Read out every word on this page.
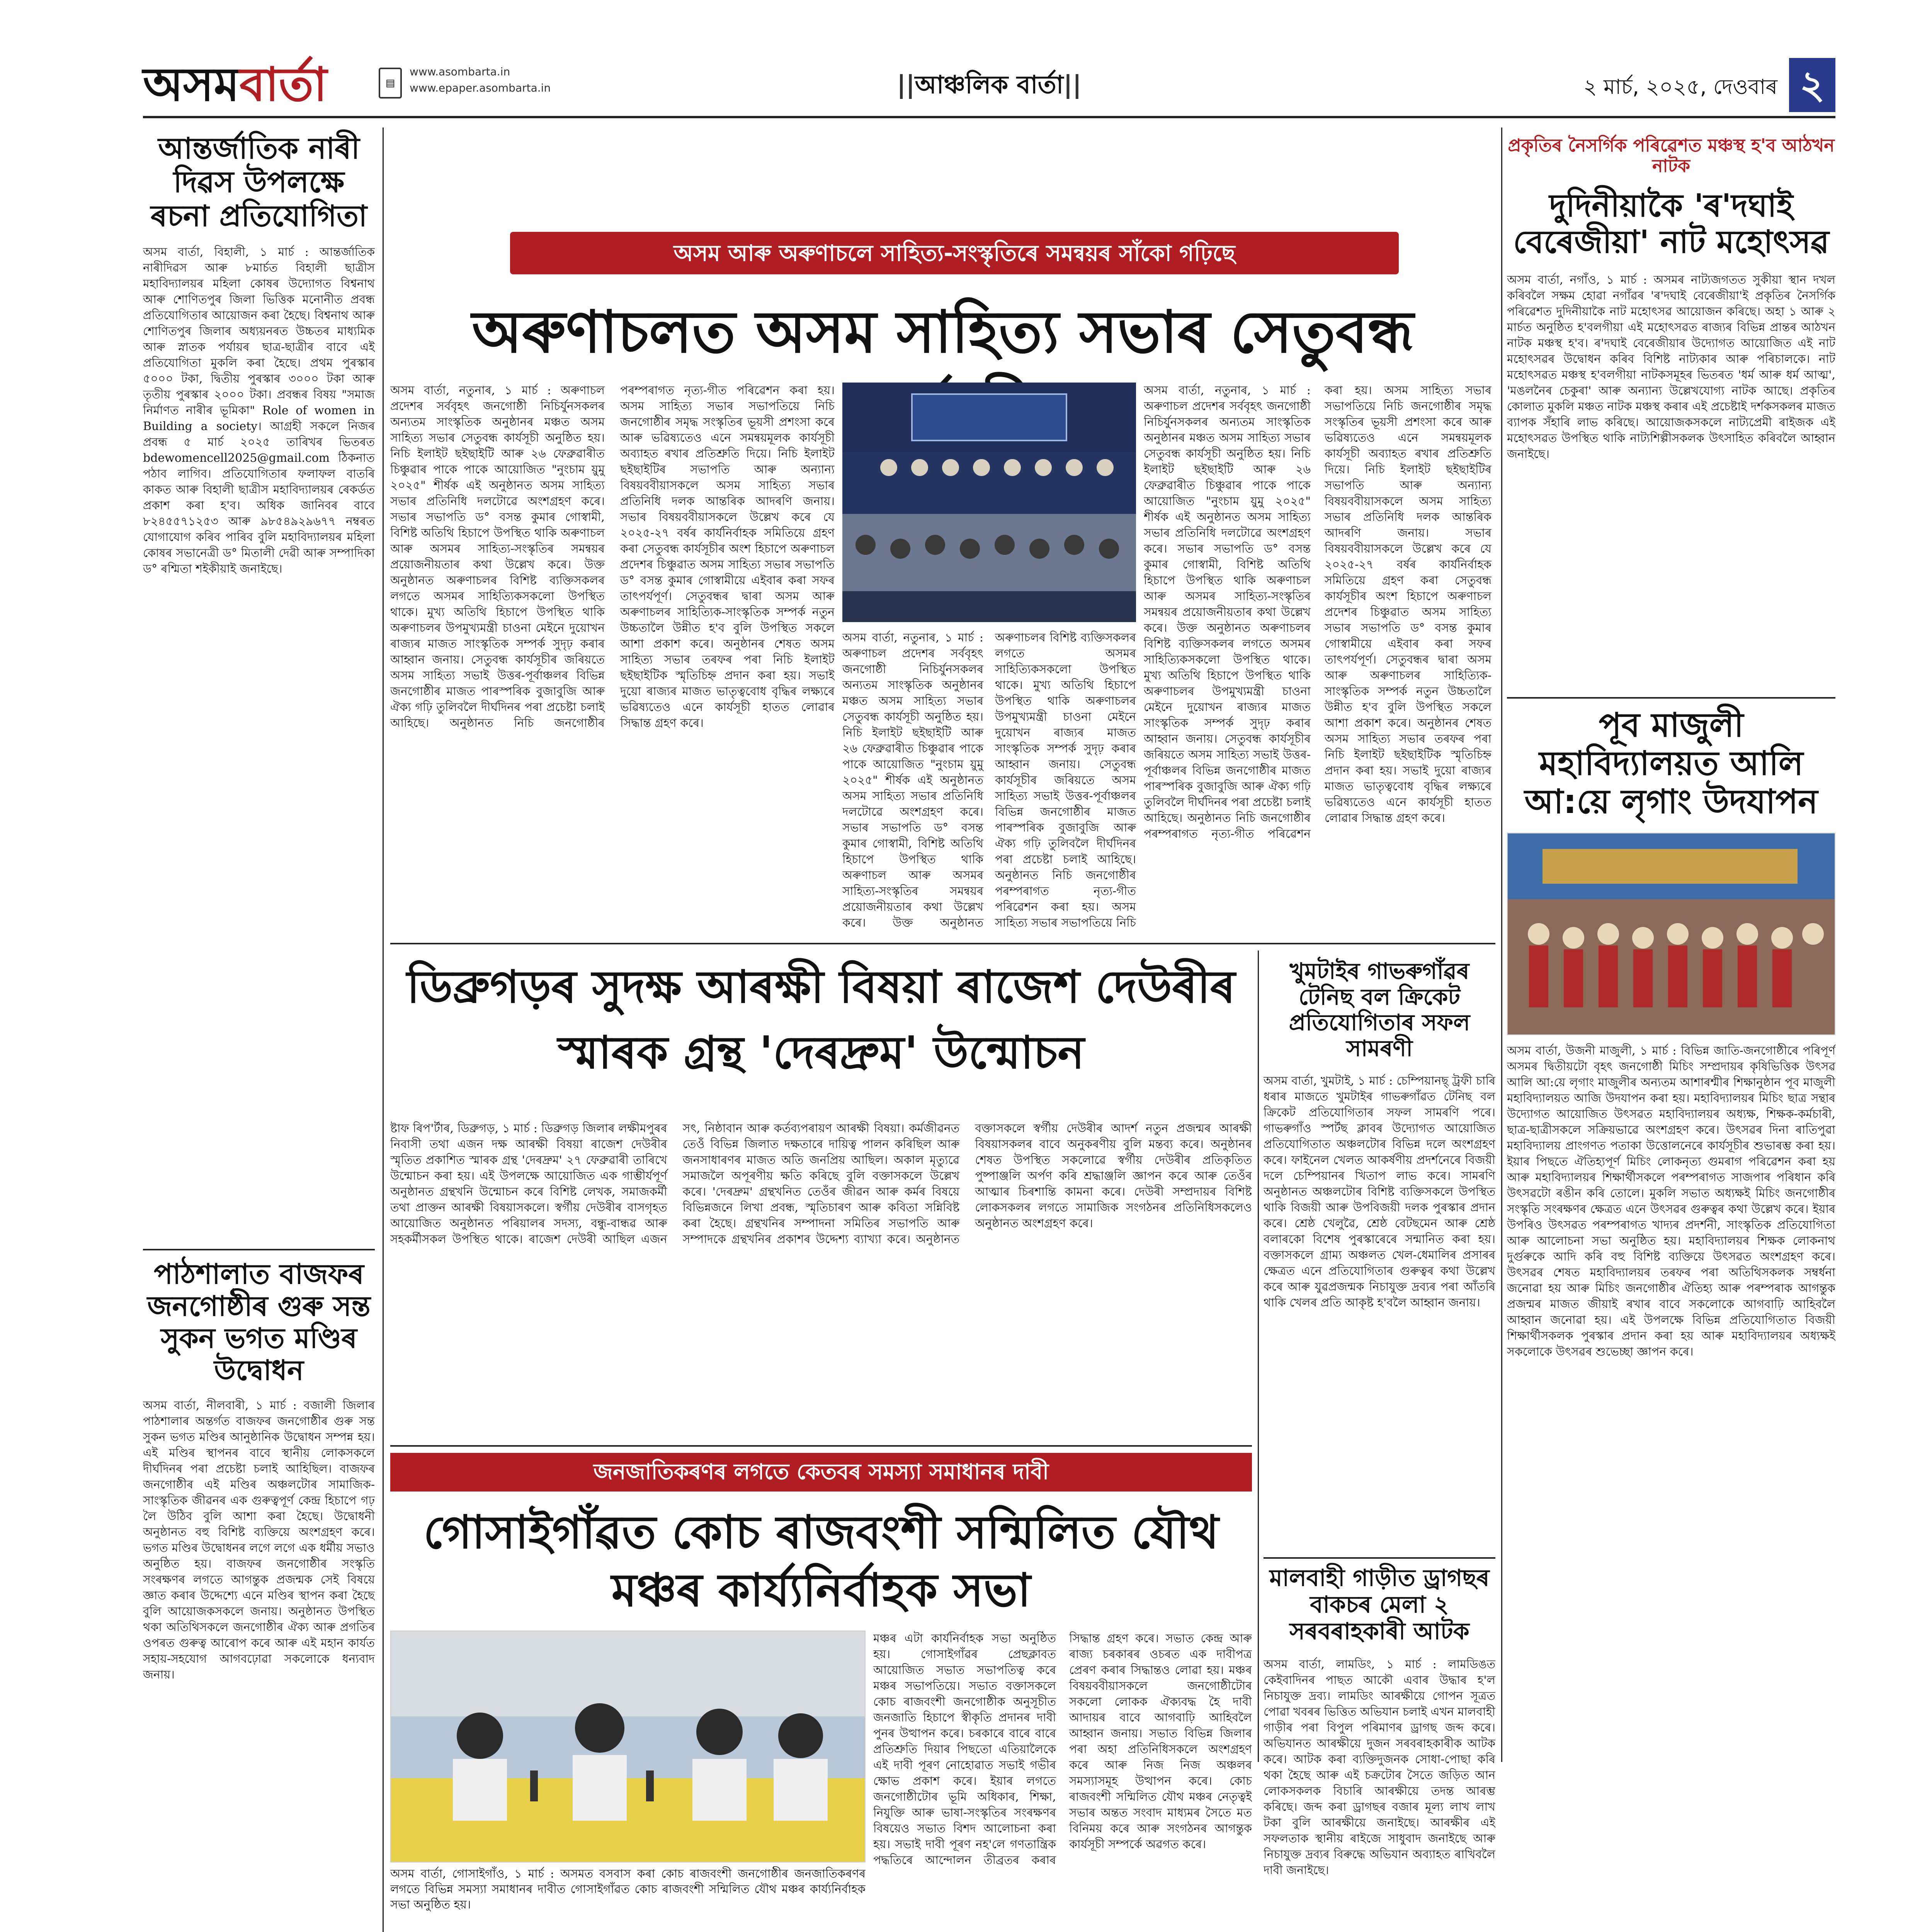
অসমবাৰ্তা	▤
www.asombarta.in
www.epaper.asombarta.in	||আঞ্চলিক বাৰ্তা||	২ মাৰ্চ, ২০২৫, দেওবাৰ ২
আন্তৰ্জাতিক নাৰী দিৱস উপলক্ষে ৰচনা প্ৰতিযোগিতা
অসম বাৰ্তা, বিহালী, ১ মাৰ্চ : আন্তৰ্জাতিক নাৰীদিৱস আৰু ৮মাৰ্চত বিহালী ছাত্ৰীস মহাবিদ্যালয়ৰ মহিলা কোষৰ উদ্যোগত বিশ্বনাথ আৰু শোণিতপুৰ জিলা ভিত্তিক মনোনীত প্ৰবন্ধ প্ৰতিযোগিতাৰ আয়োজন কৰা হৈছে। বিশ্বনাথ আৰু শোণিতপুৰ জিলাৰ অধ্যয়নৰত উচ্চতৰ মাধ্যমিক আৰু স্নাতক পৰ্যায়ৰ ছাত্ৰ-ছাত্ৰীৰ বাবে এই প্ৰতিযোগিতা মুকলি কৰা হৈছে। প্ৰথম পুৰস্কাৰ ৫০০০ টকা, দ্বিতীয় পুৰস্কাৰ ৩০০০ টকা আৰু তৃতীয় পুৰস্কাৰ ২০০০ টকা। প্ৰবন্ধৰ বিষয় "সমাজ নিৰ্মাণত নাৰীৰ ভূমিকা" Role of women in Building a society। আগ্ৰহী সকলে নিজৰ প্ৰবন্ধ ৫ মাৰ্চ ২০২৫ তাৰিখৰ ভিতৰত bdewomencell2025@gmail.com ঠিকনাত পঠাব লাগিব। প্ৰতিযোগিতাৰ ফলাফল বাতৰি কাকত আৰু বিহালী ছাত্ৰীস মহাবিদ্যালয়ৰ ৰেকৰ্ডত প্ৰকাশ কৰা হ'ব। অধিক জানিবৰ বাবে ৮২৪৫৫৭১২৫৩ আৰু ৯৮৫৪৯২৯৬৭৭ নম্বৰত যোগাযোগ কৰিব পাৰিব বুলি মহাবিদ্যালয়ৰ মহিলা কোষৰ সভানেত্ৰী ড° মিতালী দেৱী আৰু সম্পাদিকা ড° ৰশ্মিতা শইকীয়াই জনাইছে।
পাঠশালাত বাজফৰ জনগোষ্ঠীৰ গুৰু সন্ত সুকন ভগত মণ্ডিৰ উদ্বোধন
অসম বাৰ্তা, নীলবাৰী, ১ মাৰ্চ : বজালী জিলাৰ পাঠশালাৰ অন্তৰ্গত বাজফৰ জনগোষ্ঠীৰ গুৰু সন্ত সুকন ভগত মণ্ডিৰ আনুষ্ঠানিক উদ্বোধন সম্পন্ন হয়। এই মণ্ডিৰ স্থাপনৰ বাবে স্থানীয় লোকসকলে দীৰ্ঘদিনৰ পৰা প্ৰচেষ্টা চলাই আহিছিল। বাজফৰ জনগোষ্ঠীৰ এই মণ্ডিৰ অঞ্চলটোৰ সামাজিক-সাংস্কৃতিক জীৱনৰ এক গুৰুত্বপূৰ্ণ কেন্দ্ৰ হিচাপে গঢ় লৈ উঠিব বুলি আশা কৰা হৈছে। উদ্বোধনী অনুষ্ঠানত বহু বিশিষ্ট ব্যক্তিয়ে অংশগ্ৰহণ কৰে। ভগত মণ্ডিৰ উদ্বোধনৰ লগে লগে এক ধৰ্মীয় সভাও অনুষ্ঠিত হয়। বাজফৰ জনগোষ্ঠীৰ সংস্কৃতি সংৰক্ষণৰ লগতে আগন্তুক প্ৰজন্মক সেই বিষয়ে জ্ঞাত কৰাৰ উদ্দেশ্যে এনে মণ্ডিৰ স্থাপন কৰা হৈছে বুলি আয়োজকসকলে জনায়। অনুষ্ঠানত উপস্থিত থকা অতিথিসকলে জনগোষ্ঠীৰ ঐক্য আৰু প্ৰগতিৰ ওপৰত গুৰুত্ব আৰোপ কৰে আৰু এই মহান কাৰ্যত সহায়-সহযোগ আগবঢ়োৱা সকলোকে ধন্যবাদ জনায়।
অসম আৰু অৰুণাচলে সাহিত্য-সংস্কৃতিৰে সমন্বয়ৰ সাঁকো গঢ়িছে
অৰুণাচলত অসম সাহিত্য সভাৰ সেতুবন্ধ
অসম বাৰ্তা, নতুনাৰ, ১ মাৰ্চ : অৰুণাচল প্ৰদেশৰ সৰ্ববৃহৎ জনগোষ্ঠী নিচিৰ্যুনসকলৰ অন্যতম সাংস্কৃতিক অনুষ্ঠানৰ মঞ্চত অসম সাহিত্য সভাৰ সেতুবন্ধ কাৰ্যসূচী অনুষ্ঠিত হয়। নিচি ইলাইট ছইছাইটি আৰু ২৬ ফেব্ৰুৱাৰীত চিঞ্চুৱাৰ পাকে পাকে আয়োজিত "নুংচাম য়ুমু ২০২৫" শীৰ্ষক এই অনুষ্ঠানত অসম সাহিত্য সভাৰ প্ৰতিনিধি দলটোৱে অংশগ্ৰহণ কৰে। সভাৰ সভাপতি ড° বসন্ত কুমাৰ গোস্বামী, বিশিষ্ট অতিথি হিচাপে উপস্থিত থাকি অৰুণাচল আৰু অসমৰ সাহিত্য-সংস্কৃতিৰ সমন্বয়ৰ প্ৰয়োজনীয়তাৰ কথা উল্লেখ কৰে। উক্ত অনুষ্ঠানত অৰুণাচলৰ বিশিষ্ট ব্যক্তিসকলৰ লগতে অসমৰ সাহিত্যিকসকলো উপস্থিত থাকে। মুখ্য অতিথি হিচাপে উপস্থিত থাকি অৰুণাচলৰ উপমুখ্যমন্ত্ৰী চাওনা মেইনে দুয়োখন ৰাজ্যৰ মাজত সাংস্কৃতিক সম্পৰ্ক সুদৃঢ় কৰাৰ আহ্বান জনায়। সেতুবন্ধ কাৰ্যসূচীৰ জৰিয়তে অসম সাহিত্য সভাই উত্তৰ-পূৰ্বাঞ্চলৰ বিভিন্ন জনগোষ্ঠীৰ মাজত পাৰস্পৰিক বুজাবুজি আৰু ঐক্য গঢ়ি তুলিবলৈ দীৰ্ঘদিনৰ পৰা প্ৰচেষ্টা চলাই আহিছে। অনুষ্ঠানত নিচি জনগোষ্ঠীৰ পৰম্পৰাগত নৃত্য-গীত পৰিৱেশন কৰা হয়। অসম সাহিত্য সভাৰ সভাপতিয়ে নিচি জনগোষ্ঠীৰ সমৃদ্ধ সংস্কৃতিৰ ভূয়সী প্ৰশংসা কৰে আৰু ভৱিষ্যতেও এনে সমন্বয়মূলক কাৰ্যসূচী অব্যাহত ৰখাৰ প্ৰতিশ্ৰুতি দিয়ে। নিচি ইলাইট ছইছাইটিৰ সভাপতি আৰু অন্যান্য বিষয়ববীয়াসকলে অসম সাহিত্য সভাৰ প্ৰতিনিধি দলক আন্তৰিক আদৰণি জনায়। সভাৰ বিষয়ববীয়াসকলে উল্লেখ কৰে যে ২০২৫-২৭ বৰ্ষৰ কাৰ্যনিৰ্বাহক সমিতিয়ে গ্ৰহণ কৰা সেতুবন্ধ কাৰ্যসূচীৰ অংশ হিচাপে অৰুণাচল প্ৰদেশৰ চিঞ্চুৱাত অসম সাহিত্য সভাৰ সভাপতি ড° বসন্ত কুমাৰ গোস্বামীয়ে এইবাৰ কৰা সফৰ তাৎপৰ্যপূৰ্ণ। সেতুবন্ধৰ দ্বাৰা অসম আৰু অৰুণাচলৰ সাহিত্যিক-সাংস্কৃতিক সম্পৰ্ক নতুন উচ্চতালৈ উন্নীত হ'ব বুলি উপস্থিত সকলে আশা প্ৰকাশ কৰে। অনুষ্ঠানৰ শেষত অসম সাহিত্য সভাৰ তৰফৰ পৰা নিচি ইলাইট ছইছাইটিক স্মৃতিচিহ্ন প্ৰদান কৰা হয়। সভাই দুয়ো ৰাজ্যৰ মাজত ভাতৃত্ববোধ বৃদ্ধিৰ লক্ষ্যৰে ভৱিষ্যতেও এনে কাৰ্যসূচী হাতত লোৱাৰ সিদ্ধান্ত গ্ৰহণ কৰে।
অসম বাৰ্তা, নতুনাৰ, ১ মাৰ্চ : অৰুণাচল প্ৰদেশৰ সৰ্ববৃহৎ জনগোষ্ঠী নিচিৰ্যুনসকলৰ অন্যতম সাংস্কৃতিক অনুষ্ঠানৰ মঞ্চত অসম সাহিত্য সভাৰ সেতুবন্ধ কাৰ্যসূচী অনুষ্ঠিত হয়। নিচি ইলাইট ছইছাইটি আৰু ২৬ ফেব্ৰুৱাৰীত চিঞ্চুৱাৰ পাকে পাকে আয়োজিত "নুংচাম য়ুমু ২০২৫" শীৰ্ষক এই অনুষ্ঠানত অসম সাহিত্য সভাৰ প্ৰতিনিধি দলটোৱে অংশগ্ৰহণ কৰে। সভাৰ সভাপতি ড° বসন্ত কুমাৰ গোস্বামী, বিশিষ্ট অতিথি হিচাপে উপস্থিত থাকি অৰুণাচল আৰু অসমৰ সাহিত্য-সংস্কৃতিৰ সমন্বয়ৰ প্ৰয়োজনীয়তাৰ কথা উল্লেখ কৰে। উক্ত অনুষ্ঠানত অৰুণাচলৰ বিশিষ্ট ব্যক্তিসকলৰ লগতে অসমৰ সাহিত্যিকসকলো উপস্থিত থাকে। মুখ্য অতিথি হিচাপে উপস্থিত থাকি অৰুণাচলৰ উপমুখ্যমন্ত্ৰী চাওনা মেইনে দুয়োখন ৰাজ্যৰ মাজত সাংস্কৃতিক সম্পৰ্ক সুদৃঢ় কৰাৰ আহ্বান জনায়। সেতুবন্ধ কাৰ্যসূচীৰ জৰিয়তে অসম সাহিত্য সভাই উত্তৰ-পূৰ্বাঞ্চলৰ বিভিন্ন জনগোষ্ঠীৰ মাজত পাৰস্পৰিক বুজাবুজি আৰু ঐক্য গঢ়ি তুলিবলৈ দীৰ্ঘদিনৰ পৰা প্ৰচেষ্টা চলাই আহিছে। অনুষ্ঠানত নিচি জনগোষ্ঠীৰ পৰম্পৰাগত নৃত্য-গীত পৰিৱেশন কৰা হয়। অসম সাহিত্য সভাৰ সভাপতিয়ে নিচি জনগোষ্ঠীৰ সমৃদ্ধ সংস্কৃতিৰ ভূয়সী প্ৰশংসা কৰে আৰু ভৱিষ্যতেও এনে সমন্বয়মূলক কাৰ্যসূচী অব্যাহত ৰখাৰ প্ৰতিশ্ৰুতি দিয়ে। নিচি ইলাইট ছইছাইটিৰ সভাপতি আৰু অন্যান্য বিষয়ববীয়াসকলে অসম সাহিত্য সভাৰ প্ৰতিনিধি দলক আন্তৰিক আদৰণি জনায়। সভাৰ বিষয়ববীয়াসকলে উল্লেখ কৰে যে ২০২৫-২৭ বৰ্ষৰ কাৰ্যনিৰ্বাহক সমিতিয়ে গ্ৰহণ কৰা সেতুবন্ধ কাৰ্যসূচীৰ অংশ হিচাপে অৰুণাচল প্ৰদেশৰ চিঞ্চুৱাত অসম সাহিত্য সভাৰ সভাপতি ড° বসন্ত কুমাৰ গোস্বামীয়ে এইবাৰ কৰা সফৰ তাৎপৰ্যপূৰ্ণ। সেতুবন্ধৰ দ্বাৰা অসম আৰু অৰুণাচলৰ সাহিত্যিক-সাংস্কৃতিক সম্পৰ্ক নতুন উচ্চতালৈ উন্নীত হ'ব বুলি উপস্থিত সকলে আশা প্ৰকাশ কৰে। অনুষ্ঠানৰ শেষত অসম সাহিত্য সভাৰ তৰফৰ পৰা নিচি ইলাইট ছইছাইটিক স্মৃতিচিহ্ন প্ৰদান কৰা হয়। সভাই দুয়ো ৰাজ্যৰ মাজত ভাতৃত্ববোধ বৃদ্ধিৰ লক্ষ্যৰে ভৱিষ্যতেও এনে কাৰ্যসূচী হাতত লোৱাৰ সিদ্ধান্ত গ্ৰহণ কৰে।
অসম বাৰ্তা, নতুনাৰ, ১ মাৰ্চ : অৰুণাচল প্ৰদেশৰ সৰ্ববৃহৎ জনগোষ্ঠী নিচিৰ্যুনসকলৰ অন্যতম সাংস্কৃতিক অনুষ্ঠানৰ মঞ্চত অসম সাহিত্য সভাৰ সেতুবন্ধ কাৰ্যসূচী অনুষ্ঠিত হয়। নিচি ইলাইট ছইছাইটি আৰু ২৬ ফেব্ৰুৱাৰীত চিঞ্চুৱাৰ পাকে পাকে আয়োজিত "নুংচাম য়ুমু ২০২৫" শীৰ্ষক এই অনুষ্ঠানত অসম সাহিত্য সভাৰ প্ৰতিনিধি দলটোৱে অংশগ্ৰহণ কৰে। সভাৰ সভাপতি ড° বসন্ত কুমাৰ গোস্বামী, বিশিষ্ট অতিথি হিচাপে উপস্থিত থাকি অৰুণাচল আৰু অসমৰ সাহিত্য-সংস্কৃতিৰ সমন্বয়ৰ প্ৰয়োজনীয়তাৰ কথা উল্লেখ কৰে। উক্ত অনুষ্ঠানত অৰুণাচলৰ বিশিষ্ট ব্যক্তিসকলৰ লগতে অসমৰ সাহিত্যিকসকলো উপস্থিত থাকে। মুখ্য অতিথি হিচাপে উপস্থিত থাকি অৰুণাচলৰ উপমুখ্যমন্ত্ৰী চাওনা মেইনে দুয়োখন ৰাজ্যৰ মাজত সাংস্কৃতিক সম্পৰ্ক সুদৃঢ় কৰাৰ আহ্বান জনায়। সেতুবন্ধ কাৰ্যসূচীৰ জৰিয়তে অসম সাহিত্য সভাই উত্তৰ-পূৰ্বাঞ্চলৰ বিভিন্ন জনগোষ্ঠীৰ মাজত পাৰস্পৰিক বুজাবুজি আৰু ঐক্য গঢ়ি তুলিবলৈ দীৰ্ঘদিনৰ পৰা প্ৰচেষ্টা চলাই আহিছে। অনুষ্ঠানত নিচি জনগোষ্ঠীৰ পৰম্পৰাগত নৃত্য-গীত পৰিৱেশন কৰা হয়। অসম সাহিত্য সভাৰ সভাপতিয়ে নিচি
প্ৰকৃতিৰ নৈসৰ্গিক পৰিৱেশত মঞ্চস্থ হ'ব আঠখন নাটক
দুদিনীয়াকৈ 'ৰ'দঘাই বেৰেজীয়া' নাট মহোৎসৱ
অসম বাৰ্তা, নগাঁও, ১ মাৰ্চ : অসমৰ নাট্যজগতত সুকীয়া স্থান দখল কৰিবলৈ সক্ষম হোৱা নগাঁৱৰ 'ৰ'দঘাই বেৰেজীয়া'ই প্ৰকৃতিৰ নৈসৰ্গিক পৰিৱেশত দুদিনীয়াকৈ নাট মহোৎসৱ আয়োজন কৰিছে। অহা ১ আৰু ২ মাৰ্চত অনুষ্ঠিত হ'বলগীয়া এই মহোৎসৱত ৰাজ্যৰ বিভিন্ন প্ৰান্তৰ আঠখন নাটক মঞ্চস্থ হ'ব। ৰ'দঘাই বেৰেজীয়াৰ উদ্যোগত আয়োজিত এই নাট মহোৎসৱৰ উদ্বোধন কৰিব বিশিষ্ট নাট্যকাৰ আৰু পৰিচালকে। নাট মহোৎসৱত মঞ্চস্থ হ'বলগীয়া নাটকসমূহৰ ভিতৰত 'ধৰ্ম আৰু ধৰ্ম আত্ম', 'মঙলনৈৰ চেকুৰা' আৰু অন্যান্য উল্লেখযোগ্য নাটক আছে। প্ৰকৃতিৰ কোলাত মুকলি মঞ্চত নাটক মঞ্চস্থ কৰাৰ এই প্ৰচেষ্টাই দৰ্শকসকলৰ মাজত ব্যাপক সঁহাৰি লাভ কৰিছে। আয়োজকসকলে নাট্যপ্ৰেমী ৰাইজক এই মহোৎসৱত উপস্থিত থাকি নাট্যশিল্পীসকলক উৎসাহিত কৰিবলৈ আহ্বান জনাইছে।
পূব মাজুলী মহাবিদ্যালয়ত আলি আ:য়ে লৃগাং উদযাপন
অসম বাৰ্তা, উজনী মাজুলী, ১ মাৰ্চ : বিভিন্ন জাতি-জনগোষ্ঠীৰে পৰিপূৰ্ণ অসমৰ দ্বিতীয়টো বৃহৎ জনগোষ্ঠী মিচিং সম্প্ৰদায়ৰ কৃষিভিত্তিক উৎসৱ আলি আ:য়ে লৃগাং মাজুলীৰ অন্যতম আশাৰশ্মীৰ শিক্ষানুষ্ঠান পূব মাজুলী মহাবিদ্যালয়ত আজি উদযাপন কৰা হয়। মহাবিদ্যালয়ৰ মিচিং ছাত্ৰ সন্থাৰ উদ্যোগত আয়োজিত উৎসৱত মহাবিদ্যালয়ৰ অধ্যক্ষ, শিক্ষক-কৰ্মচাৰী, ছাত্ৰ-ছাত্ৰীসকলে সক্ৰিয়ভাৱে অংশগ্ৰহণ কৰে। উৎসৱৰ দিনা ৰাতিপুৱা মহাবিদ্যালয় প্ৰাংগণত পতাকা উত্তোলনেৰে কাৰ্যসূচীৰ শুভাৰম্ভ কৰা হয়। ইয়াৰ পিছতে ঐতিহ্যপূৰ্ণ মিচিং লোকনৃত্য গুমৰাগ পৰিৱেশন কৰা হয় আৰু মহাবিদ্যালয়ৰ শিক্ষাৰ্থীসকলে পৰম্পৰাগত সাজপাৰ পৰিধান কৰি উৎসৱটো ৰঙীন কৰি তোলে। মুকলি সভাত অধ্যক্ষই মিচিং জনগোষ্ঠীৰ সংস্কৃতি সংৰক্ষণৰ ক্ষেত্ৰত এনে উৎসৱৰ গুৰুত্বৰ কথা উল্লেখ কৰে। ইয়াৰ উপৰিও উৎসৱত পৰম্পৰাগত খাদ্যৰ প্ৰদৰ্শনী, সাংস্কৃতিক প্ৰতিযোগিতা আৰু আলোচনা সভা অনুষ্ঠিত হয়। মহাবিদ্যালয়ৰ শিক্ষক লোকনাথ দুৰ্গুৰুকে আদি কৰি বহু বিশিষ্ট ব্যক্তিয়ে উৎসৱত অংশগ্ৰহণ কৰে। উৎসৱৰ শেষত মহাবিদ্যালয়ৰ তৰফৰ পৰা অতিথিসকলক সম্বৰ্ধনা জনোৱা হয় আৰু মিচিং জনগোষ্ঠীৰ ঐতিহ্য আৰু পৰম্পৰাক আগন্তুক প্ৰজন্মৰ মাজত জীয়াই ৰখাৰ বাবে সকলোকে আগবাঢ়ি আহিবলৈ আহ্বান জনোৱা হয়। এই উপলক্ষে বিভিন্ন প্ৰতিযোগিতাত বিজয়ী শিক্ষাৰ্থীসকলক পুৰস্কাৰ প্ৰদান কৰা হয় আৰু মহাবিদ্যালয়ৰ অধ্যক্ষই সকলোকে উৎসৱৰ শুভেচ্ছা জ্ঞাপন কৰে।
ডিব্ৰুগড়ৰ সুদক্ষ আৰক্ষী বিষয়া ৰাজেশ দেউৰীৰ স্মাৰক গ্ৰন্থ 'দেৰদ্ৰুম' উন্মোচন
ষ্টাফ ৰিপ'ৰ্টাৰ, ডিব্ৰুগড়, ১ মাৰ্চ : ডিব্ৰুগড় জিলাৰ লক্ষীমপুৰৰ নিবাসী তথা এজন দক্ষ আৰক্ষী বিষয়া ৰাজেশ দেউৰীৰ স্মৃতিত প্ৰকাশিত স্মাৰক গ্ৰন্থ 'দেৰদ্ৰুম' ২৭ ফেব্ৰুৱাৰী তাৰিখে উন্মোচন কৰা হয়। এই উপলক্ষে আয়োজিত এক গাম্ভীৰ্যপূৰ্ণ অনুষ্ঠানত গ্ৰন্থখনি উন্মোচন কৰে বিশিষ্ট লেখক, সমাজকৰ্মী তথা প্ৰাক্তন আৰক্ষী বিষয়াসকলে। স্বৰ্গীয় দেউৰীৰ বাসগৃহত আয়োজিত অনুষ্ঠানত পৰিয়ালৰ সদস্য, বন্ধু-বান্ধৱ আৰু সহকৰ্মীসকল উপস্থিত থাকে। ৰাজেশ দেউৰী আছিল এজন সৎ, নিষ্ঠাবান আৰু কৰ্তব্যপৰায়ণ আৰক্ষী বিষয়া। কৰ্মজীৱনত তেওঁ বিভিন্ন জিলাত দক্ষতাৰে দায়িত্ব পালন কৰিছিল আৰু জনসাধাৰণৰ মাজত অতি জনপ্ৰিয় আছিল। অকাল মৃত্যুৱে সমাজলৈ অপূৰণীয় ক্ষতি কৰিছে বুলি বক্তাসকলে উল্লেখ কৰে। 'দেৰদ্ৰুম' গ্ৰন্থখনিত তেওঁৰ জীৱন আৰু কৰ্মৰ বিষয়ে বিভিন্নজনে লিখা প্ৰবন্ধ, স্মৃতিচাৰণ আৰু কবিতা সন্নিবিষ্ট কৰা হৈছে। গ্ৰন্থখনিৰ সম্পাদনা সমিতিৰ সভাপতি আৰু সম্পাদকে গ্ৰন্থখনিৰ প্ৰকাশৰ উদ্দেশ্য ব্যাখ্যা কৰে। অনুষ্ঠানত বক্তাসকলে স্বৰ্গীয় দেউৰীৰ আদৰ্শ নতুন প্ৰজন্মৰ আৰক্ষী বিষয়াসকলৰ বাবে অনুকৰণীয় বুলি মন্তব্য কৰে। অনুষ্ঠানৰ শেষত উপস্থিত সকলোৱে স্বৰ্গীয় দেউৰীৰ প্ৰতিকৃতিত পুষ্পাঞ্জলি অৰ্পণ কৰি শ্ৰদ্ধাঞ্জলি জ্ঞাপন কৰে আৰু তেওঁৰ আত্মাৰ চিৰশান্তি কামনা কৰে। দেউৰী সম্প্ৰদায়ৰ বিশিষ্ট লোকসকলৰ লগতে সামাজিক সংগঠনৰ প্ৰতিনিধিসকলেও অনুষ্ঠানত অংশগ্ৰহণ কৰে।
খুমটাইৰ গাভৰুগাঁৱৰ টেনিছ বল ক্ৰিকেট প্ৰতিযোগিতাৰ সফল সামৰণী
অসম বাৰ্তা, খুমটাই, ১ মাৰ্চ : চেম্পিয়ানছ্ ট্ৰফী চাৰি ধৰাৰ মাজতে খুমটাইৰ গাভৰুগাঁৱত টেনিছ বল ক্ৰিকেট প্ৰতিযোগিতাৰ সফল সামৰণি পৰে। গাভৰুগাঁও স্পৰ্টছ ক্লাবৰ উদ্যোগত আয়োজিত প্ৰতিযোগিতাত অঞ্চলটোৰ বিভিন্ন দলে অংশগ্ৰহণ কৰে। ফাইনেল খেলত আকৰ্ষণীয় প্ৰদৰ্শনেৰে বিজয়ী দলে চেম্পিয়ানৰ খিতাপ লাভ কৰে। সামৰণি অনুষ্ঠানত অঞ্চলটোৰ বিশিষ্ট ব্যক্তিসকলে উপস্থিত থাকি বিজয়ী আৰু উপবিজয়ী দলক পুৰস্কাৰ প্ৰদান কৰে। শ্ৰেষ্ঠ খেলুৱৈ, শ্ৰেষ্ঠ বেটছমেন আৰু শ্ৰেষ্ঠ বলাৰকো বিশেষ পুৰস্কাৰেৰে সন্মানিত কৰা হয়। বক্তাসকলে গ্ৰাম্য অঞ্চলত খেল-ধেমালিৰ প্ৰসাৰৰ ক্ষেত্ৰত এনে প্ৰতিযোগিতাৰ গুৰুত্বৰ কথা উল্লেখ কৰে আৰু যুৱপ্ৰজন্মক নিচাযুক্ত দ্ৰব্যৰ পৰা আঁতৰি থাকি খেলৰ প্ৰতি আকৃষ্ট হ'বলৈ আহ্বান জনায়।
মালবাহী গাড়ীত ড্ৰাগছৰ বাকচৰ মেলা ২ সৰবৰাহকাৰী আটক
অসম বাৰ্তা, লামডিং, ১ মাৰ্চ : লামডিঙত কেইবাদিনৰ পাছত আকৌ এবাৰ উদ্ধাৰ হ'ল নিচাযুক্ত দ্ৰব্য। লামডিং আৰক্ষীয়ে গোপন সূত্ৰত পোৱা খবৰৰ ভিত্তিত অভিযান চলাই এখন মালবাহী গাড়ীৰ পৰা বিপুল পৰিমাণৰ ড্ৰাগছ জব্দ কৰে। অভিযানত আৰক্ষীয়ে দুজন সৰবৰাহকাৰীক আটক কৰে। আটক কৰা ব্যক্তিদুজনক সোধা-পোছা কৰি থকা হৈছে আৰু এই চক্ৰটোৰ সৈতে জড়িত আন লোকসকলক বিচাৰি আৰক্ষীয়ে তদন্ত আৰম্ভ কৰিছে। জব্দ কৰা ড্ৰাগছৰ বজাৰ মূল্য লাখ লাখ টকা বুলি আৰক্ষীয়ে জনাইছে। আৰক্ষীৰ এই সফলতাক স্থানীয় ৰাইজে সাধুবাদ জনাইছে আৰু নিচাযুক্ত দ্ৰব্যৰ বিৰুদ্ধে অভিযান অব্যাহত ৰাখিবলৈ দাবী জনাইছে।
জনজাতিকৰণৰ লগতে কেতবৰ সমস্যা সমাধানৰ দাবী
গোসাইগাঁৱত কোচ ৰাজবংশী সন্মিলিত যৌথ মঞ্চৰ কাৰ্য্যনিৰ্বাহক সভা
অসম বাৰ্তা, গোসাইগাঁও, ১ মাৰ্চ : অসমত বসবাস কৰা কোচ ৰাজবংশী জনগোষ্ঠীৰ জনজাতিকৰণৰ লগতে বিভিন্ন সমস্যা সমাধানৰ দাবীত গোসাইগাঁৱত কোচ ৰাজবংশী সন্মিলিত যৌথ মঞ্চৰ কাৰ্য্যনিৰ্বাহক সভা অনুষ্ঠিত হয়।
মঞ্চৰ এটা কাৰ্যনিৰ্বাহক সভা অনুষ্ঠিত হয়। গোসাইগাঁৱৰ প্ৰেছক্লাবত আয়োজিত সভাত সভাপতিত্ব কৰে মঞ্চৰ সভাপতিয়ে। সভাত বক্তাসকলে কোচ ৰাজবংশী জনগোষ্ঠীক অনুসূচীত জনজাতি হিচাপে স্বীকৃতি প্ৰদানৰ দাবী পুনৰ উত্থাপন কৰে। চৰকাৰে বাৰে বাৰে প্ৰতিশ্ৰুতি দিয়াৰ পিছতো এতিয়ালৈকে এই দাবী পূৰণ নোহোৱাত সভাই গভীৰ ক্ষোভ প্ৰকাশ কৰে। ইয়াৰ লগতে জনগোষ্ঠীটোৰ ভূমি অধিকাৰ, শিক্ষা, নিযুক্তি আৰু ভাষা-সংস্কৃতিৰ সংৰক্ষণৰ বিষয়েও সভাত বিশদ আলোচনা কৰা হয়। সভাই দাবী পূৰণ নহ'লে গণতান্ত্ৰিক পদ্ধতিৰে আন্দোলন তীব্ৰতৰ কৰাৰ সিদ্ধান্ত গ্ৰহণ কৰে। সভাত কেন্দ্ৰ আৰু ৰাজ্য চৰকাৰৰ ওচৰত এক দাবীপত্ৰ প্ৰেৰণ কৰাৰ সিদ্ধান্তও লোৱা হয়। মঞ্চৰ বিষয়ববীয়াসকলে জনগোষ্ঠীটোৰ সকলো লোকক ঐক্যবদ্ধ হৈ দাবী আদায়ৰ বাবে আগবাঢ়ি আহিবলৈ আহ্বান জনায়। সভাত বিভিন্ন জিলাৰ পৰা অহা প্ৰতিনিধিসকলে অংশগ্ৰহণ কৰে আৰু নিজ নিজ অঞ্চলৰ সমস্যাসমূহ উত্থাপন কৰে। কোচ ৰাজবংশী সন্মিলিত যৌথ মঞ্চৰ নেতৃত্বই সভাৰ অন্তত সংবাদ মাধ্যমৰ সৈতে মত বিনিময় কৰে আৰু সংগঠনৰ আগন্তুক কাৰ্যসূচী সম্পৰ্কে অৱগত কৰে।
